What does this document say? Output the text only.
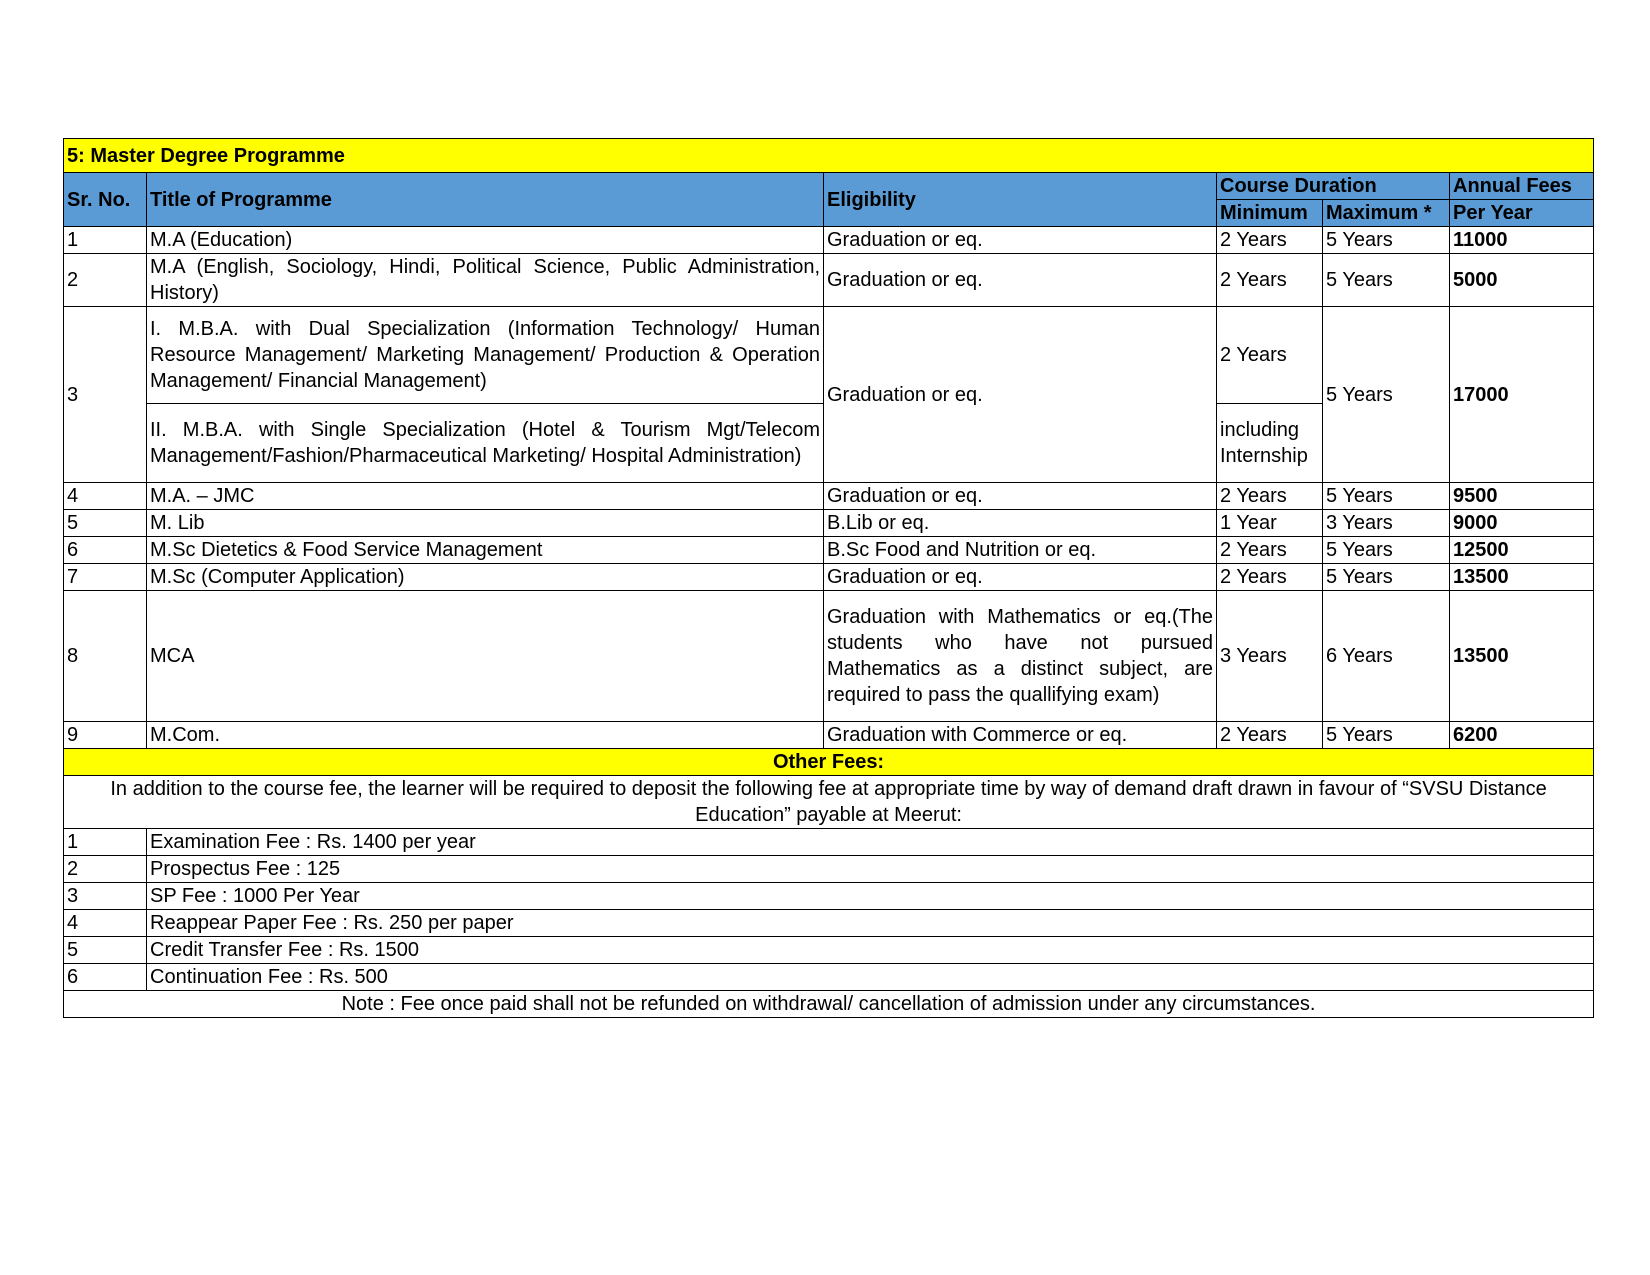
5: Master Degree Programme					
Sr. No.	Title of Programme	Eligibility	Course Duration		Annual Fees
			Minimum	Maximum *	Per Year
1	M.A (Education)	Graduation or eq.	2 Years	5 Years	11000
2	M.A (English, Sociology, Hindi, Political Science, Public Administration, History)	Graduation or eq.	2 Years	5 Years	5000
3	I. M.B.A. with Dual Specialization (Information Technology/ Human Resource Management/ Marketing Management/ Production & Operation Management/ Financial Management)	Graduation or eq.	2 Years	5 Years	17000
	II. M.B.A. with Single Specialization (Hotel & Tourism Mgt/Telecom Management/Fashion/Pharmaceutical Marketing/ Hospital Administration)		including Internship		
4	M.A. – JMC	Graduation or eq.	2 Years	5 Years	9500
5	M. Lib	B.Lib or eq.	1 Year	3 Years	9000
6	M.Sc Dietetics & Food Service Management	B.Sc Food and Nutrition or eq.	2 Years	5 Years	12500
7	M.Sc (Computer Application)	Graduation or eq.	2 Years	5 Years	13500
8	MCA	Graduation with Mathematics or eq.(The students who have not pursued Mathematics as a distinct subject, are required to pass the quallifying exam)	3 Years	6 Years	13500
9	M.Com.	Graduation with Commerce or eq.	2 Years	5 Years	6200
Other Fees:					
In addition to the course fee, the learner will be required to deposit the following fee at appropriate time by way of demand draft drawn in favour of “SVSU Distance Education” payable at Meerut:					
1	Examination Fee : Rs. 1400 per year				
2	Prospectus Fee : 125				
3	SP Fee : 1000 Per Year				
4	Reappear Paper Fee : Rs. 250 per paper				
5	Credit Transfer Fee : Rs. 1500				
6	Continuation Fee : Rs. 500				
Note : Fee once paid shall not be refunded on withdrawal/ cancellation of admission under any circumstances.					
